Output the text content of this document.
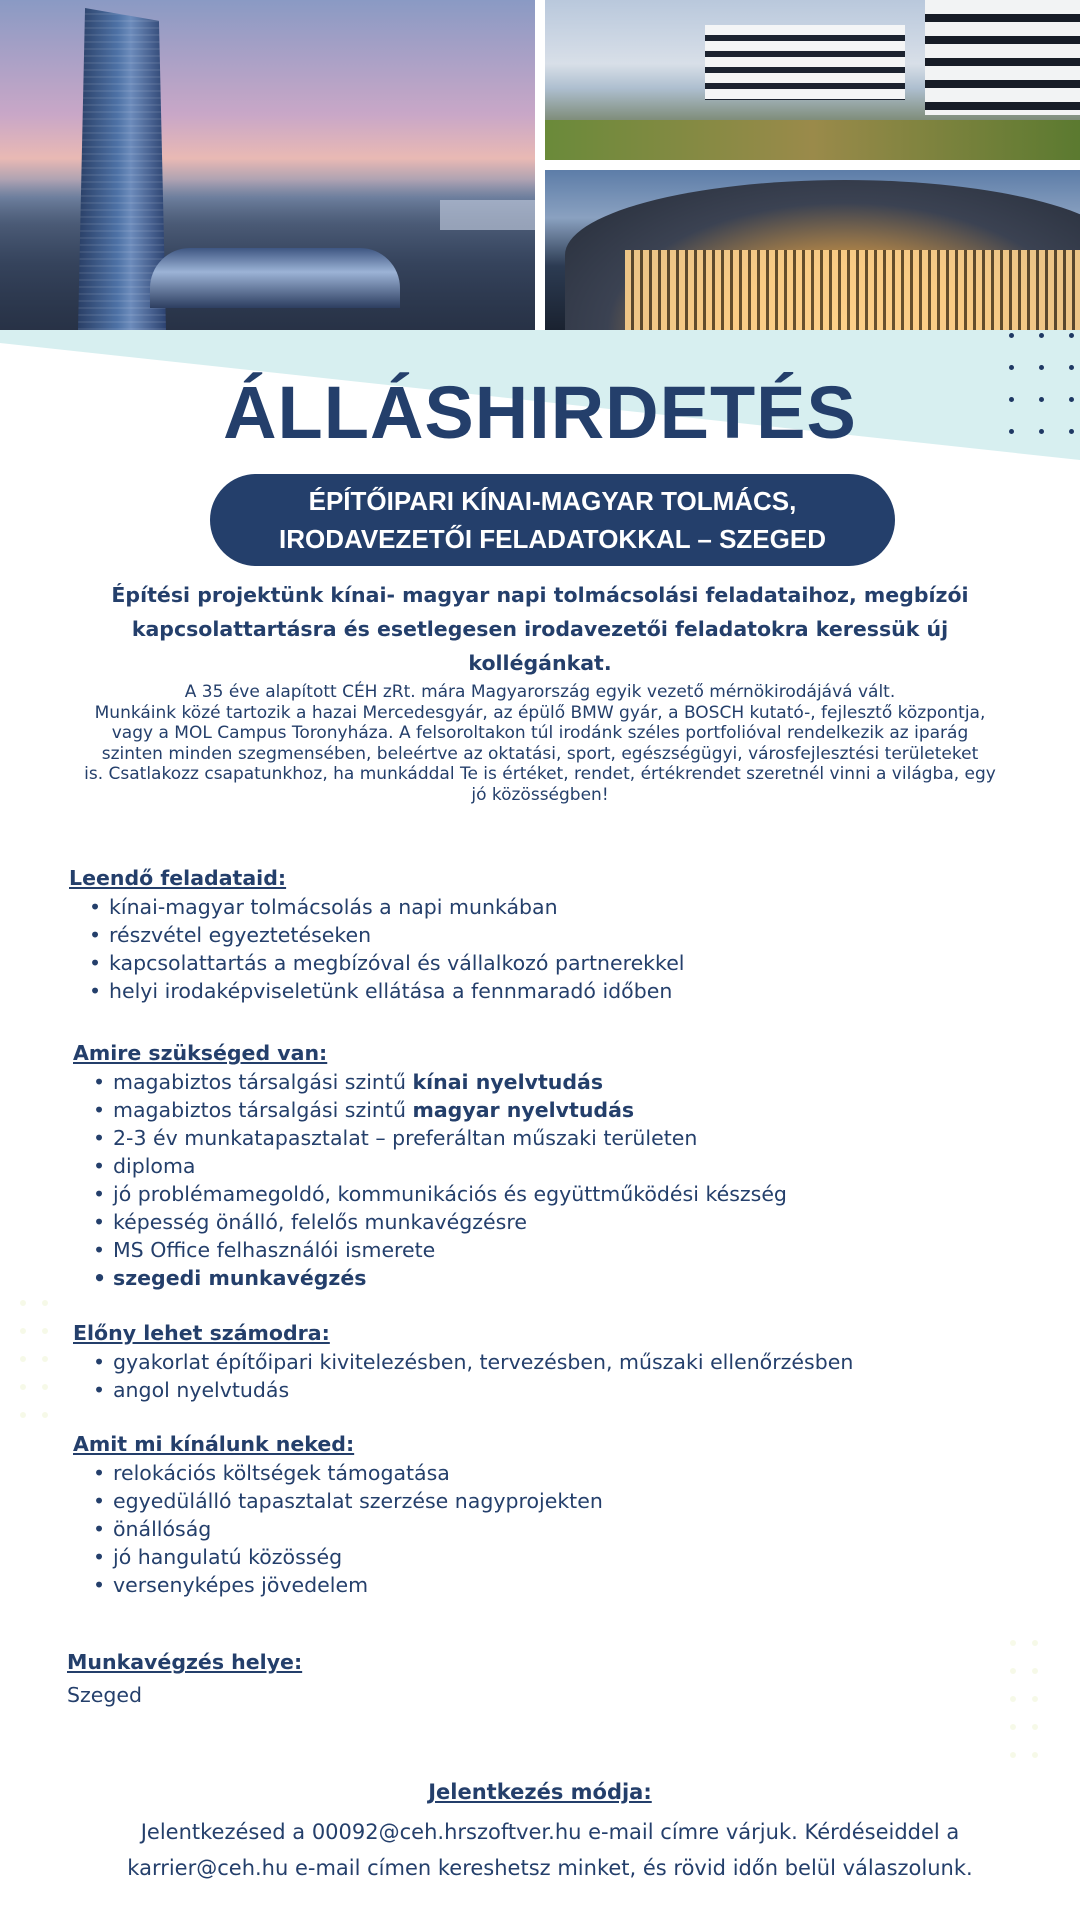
ÁLLÁSHIRDETÉS
ÉPÍTŐIPARI KÍNAI-MAGYAR TOLMÁCS,
IRODAVEZETŐI FELADATOKKAL – SZEGED
Építési projektünk kínai- magyar napi tolmácsolási feladataihoz, megbízói
kapcsolattartásra és esetlegesen irodavezetői feladatokra keressük új kollégánkat.
A 35 éve alapított CÉH zRt. mára Magyarország egyik vezető mérnökirodájává vált.
Munkáink közé tartozik a hazai Mercedesgyár, az épülő BMW gyár, a BOSCH kutató-, fejlesztő központja,
vagy a MOL Campus Toronyháza. A felsoroltakon túl irodánk széles portfolióval rendelkezik az iparág
szinten minden szegmensében, beleértve az oktatási, sport, egészségügyi, városfejlesztési területeket
is. Csatlakozz csapatunkhoz, ha munkáddal Te is értéket, rendet, értékrendet szeretnél vinni a világba, egy
jó közösségben!
Leendő feladataid:
• kínai-magyar tolmácsolás a napi munkában
• részvétel egyeztetéseken
• kapcsolattartás a megbízóval és vállalkozó partnerekkel
• helyi irodaképviseletünk ellátása a fennmaradó időben
Amire szükséged van:
• magabiztos társalgási szintű kínai nyelvtudás
• magabiztos társalgási szintű magyar nyelvtudás
• 2-3 év munkatapasztalat – preferáltan műszaki területen
• diploma
• jó problémamegoldó, kommunikációs és együttműködési készség
• képesség önálló, felelős munkavégzésre
• MS Office felhasználói ismerete
• szegedi munkavégzés
Előny lehet számodra:
• gyakorlat építőipari kivitelezésben, tervezésben, műszaki ellenőrzésben
• angol nyelvtudás
Amit mi kínálunk neked:
• relokációs költségek támogatása
• egyedülálló tapasztalat szerzése nagyprojekten
• önállóság
• jó hangulatú közösség
• versenyképes jövedelem
Munkavégzés helye:
Szeged
Jelentkezés módja:
Jelentkezésed a 00092@ceh.hrszoftver.hu e-mail címre várjuk. Kérdéseiddel a
karrier@ceh.hu e-mail címen kereshetsz minket, és rövid időn belül válaszolunk.
